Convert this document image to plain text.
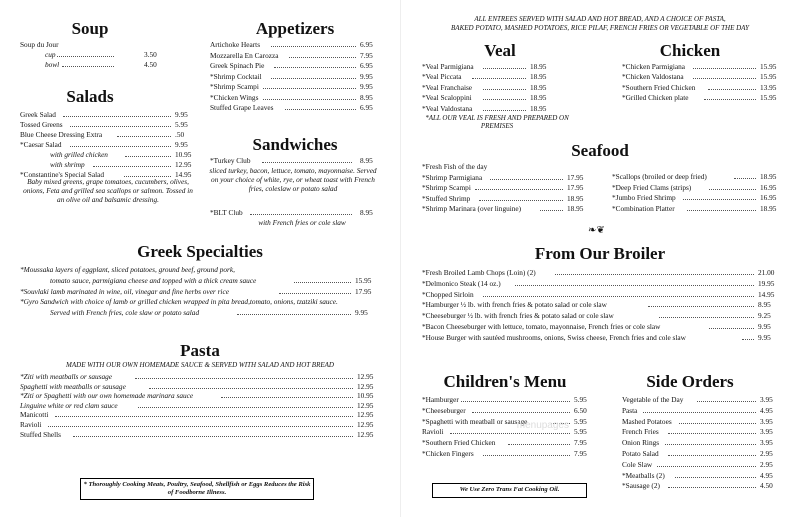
Soup
Soup du Jour
cup	3.50
bowl	4.50
Salads
Greek Salad	9.95
Tossed Greens	5.95
Blue Cheese Dressing Extra	.50
*Caesar Salad	9.95
with grilled chicken	10.95
with shrimp	12.95
*Constantine's Special Salad	14.95
Baby mixed greens, grape tomatoes, cucumbers, olives, onions, Feta and grilled sea scallops or salmon. Tossed in an olive oil and balsamic dressing.
Appetizers
Artichoke Hearts	6.95
Mozzarella En Carozza	7.95
Greek Spinach Pie	6.95
*Shrimp Cocktail	9.95
*Shrimp Scampi	9.95
*Chicken Wings	8.95
Stuffed Grape Leaves	6.95
Sandwiches
*Turkey Club	8.95
sliced turkey, bacon, lettuce, tomato, mayonnaise. Served on your choice of white, rye, or wheat toast with French fries, coleslaw or potato salad
*BLT Club	8.95
with French fries or cole slaw
Greek Specialties
*Moussaka layers of eggplant, sliced potatoes, ground beef, ground pork,
tomato sauce, parmigiana cheese and topped with a thick cream sauce	15.95
*Souvlaki lamb marinated in wine, oil, vinegar and fine herbs over rice	17.95
*Gyro Sandwich with choice of lamb or grilled chicken wrapped in pita bread,tomato, onions, tzatziki sauce.
Served with French fries, cole slaw or potato salad	9.95
Pasta
MADE WITH OUR OWN HOMEMADE SAUCE & SERVED WITH SALAD AND HOT BREAD
*Ziti with meatballs or sausage	12.95
Spaghetti with meatballs or sausage	12.95
*Ziti or Spaghetti with our own homemade marinara sauce	10.95
Linguine white or red clam sauce	12.95
Manicotti	12.95
Ravioli	12.95
Stuffed Shells	12.95
* Thoroughly Cooking Meats, Poultry, Seafood, Shellfish or Eggs Reduces the Risk of Foodborne Illness.
ALL ENTREES SERVED WITH SALAD AND HOT BREAD, AND A CHOICE OF PASTA,
BAKED POTATO, MASHED POTATOES, RICE PILAF, FRENCH FRIES OR VEGETABLE OF THE DAY
Veal
*Veal Parmigiana	18.95
*Veal Piccata	18.95
*Veal Franchaise	18.95
*Veal Scaloppini	18.95
*Veal Valdostana	18.95
*ALL OUR VEAL IS FRESH AND PREPARED ON PREMISES
Chicken
*Chicken Parmigiana	15.95
*Chicken Valdostana	15.95
*Southern Fried Chicken	13.95
*Grilled Chicken plate	15.95
Seafood
*Fresh Fish of the day
*Shrimp Parmigiana	17.95
*Shrimp Scampi	17.95
*Stuffed Shrimp	18.95
*Shrimp Marinara (over linguine)	18.95
*Scallops (broiled or deep fried)	18.95
*Deep Fried Clams (strips)	16.95
*Jumbo Fried Shrimp	16.95
*Combination Platter	18.95
❧❦
From Our Broiler
*Fresh Broiled Lamb Chops (Loin) (2)	21.00
*Delmonico Steak (14 oz.)	19.95
*Chopped Sirloin	14.95
*Hamburger ½ lb. with french fries & potato salad or cole slaw	8.95
*Cheeseburger ½ lb. with french fries & potato salad or cole slaw	9.25
*Bacon Cheeseburger with lettuce, tomato, mayonnaise, French fries or cole slaw	9.95
*House Burger with sautéed mushrooms, onions, Swiss cheese, French fries and cole slaw	9.95
Children's Menu
*Hamburger	5.95
*Cheeseburger	6.50
*Spaghetti with meatball or sausage	5.95
Ravioli	5.95
*Southern Fried Chicken	7.95
*Chicken Fingers	7.95
We Use Zero Trans Fat Cooking Oil.
Side Orders
Vegetable of the Day	3.95
Pasta	4.95
Mashed Potatoes	3.95
French Fries	3.95
Onion Rings	3.95
Potato Salad	2.95
Cole Slaw	2.95
*Meatballs (2)	4.95
*Sausage (2)	4.50
menupages
